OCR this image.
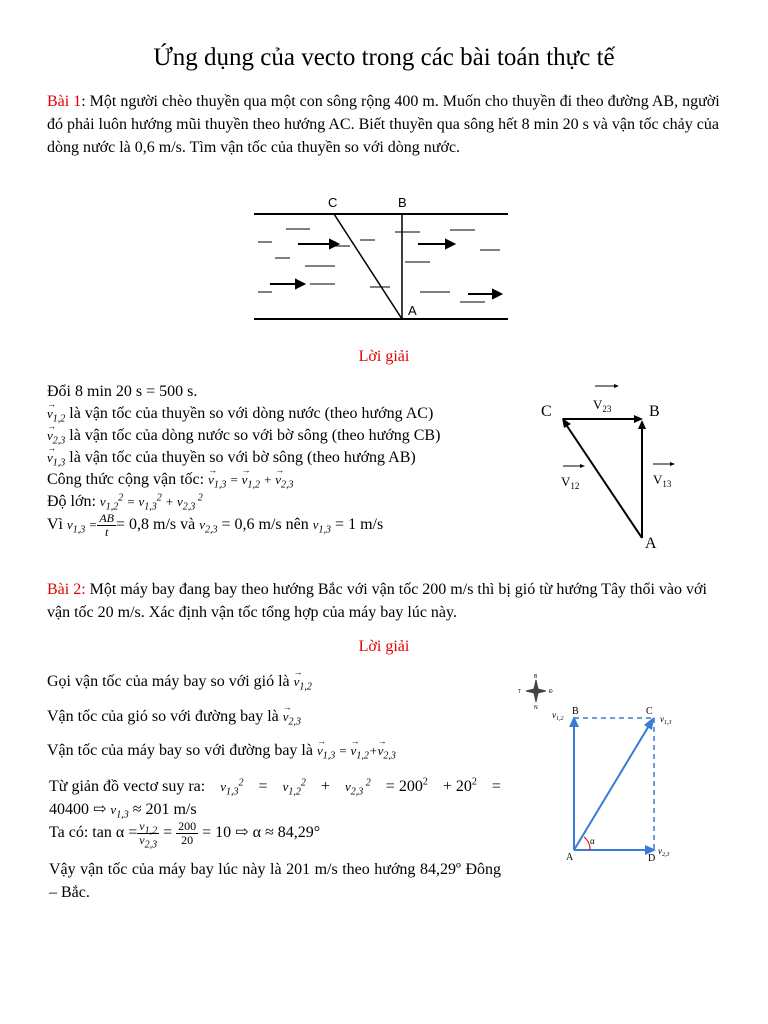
Ứng dụng của vecto trong các bài toán thực tế
Bài 1: Một người chèo thuyền qua một con sông rộng 400 m. Muốn cho thuyền đi theo đường AB, người đó phải luôn hướng mũi thuyền theo hướng AC. Biết thuyền qua sông hết 8 min 20 s và vận tốc chảy của dòng nước là 0,6 m/s. Tìm vận tốc của thuyền so với dòng nước.
C	B
A
Lời giải
Đổi 8 min 20 s = 500 s.
→ $v_{1,2}$ là vận tốc của thuyền so với dòng nước (theo hướng AC)
→ $v_{2,3}$ là vận tốc của dòng nước so với bờ sông (theo hướng CB)
→ $v_{1,3}$ là vận tốc của thuyền so với bờ sông (theo hướng AB)
Công thức cộng vận tốc: → $v_{1,3}$ = → $v_{1,2}$ + → $v_{2,3}$
Độ lớn: $v_{1,2}^2 = v_{1,3}^2 + v_{2,3}$ $^2$
Vì $v_{1,3} = \frac{AB}{t} = 0,8$ m/s và $v_{2,3} = 0,6$ m/s nên $v_{1,3} = 1$ m/s
C	B
A
$V_{23}$
$V_{12}$	$V_{13}$
Bài 2: Một máy bay đang bay theo hướng Bắc với vận tốc 200 m/s thì bị gió từ hướng Tây thổi vào với vận tốc 20 m/s. Xác định vận tốc tổng hợp của máy bay lúc này.
Lời giải
Gọi vận tốc của máy bay so với gió là → $v_{1,2}$
Vận tốc của gió so với đường bay là → $v_{2,3}$
Vận tốc của máy bay so với đường bay là → $v_{1,3}$ = → $v_{1,2}+\to v_{2,3}$
Từ giản đồ vectơ suy ra: $v_{1,3}^2 = v_{1,2}^2 + v_{2,3}$ $^2 = 200^2 + 20^2$ =
40400 ⇨ $v_{1,3} \approx 201$ m/s
Ta có: $\tan \alpha = \frac{v_{1,2}}{v_{2,3}} = \frac{200}{20} = 10$ ⇨ α ≈ 84,29°
Vậy vận tốc của máy bay lúc này là 201 m/s theo hướng 84,29º Đông – Bắc.
B
N
T	Đ
α
B	C
A	D
$v_{1,2}$	$v_{1,3}$
$v_{2,3}$
